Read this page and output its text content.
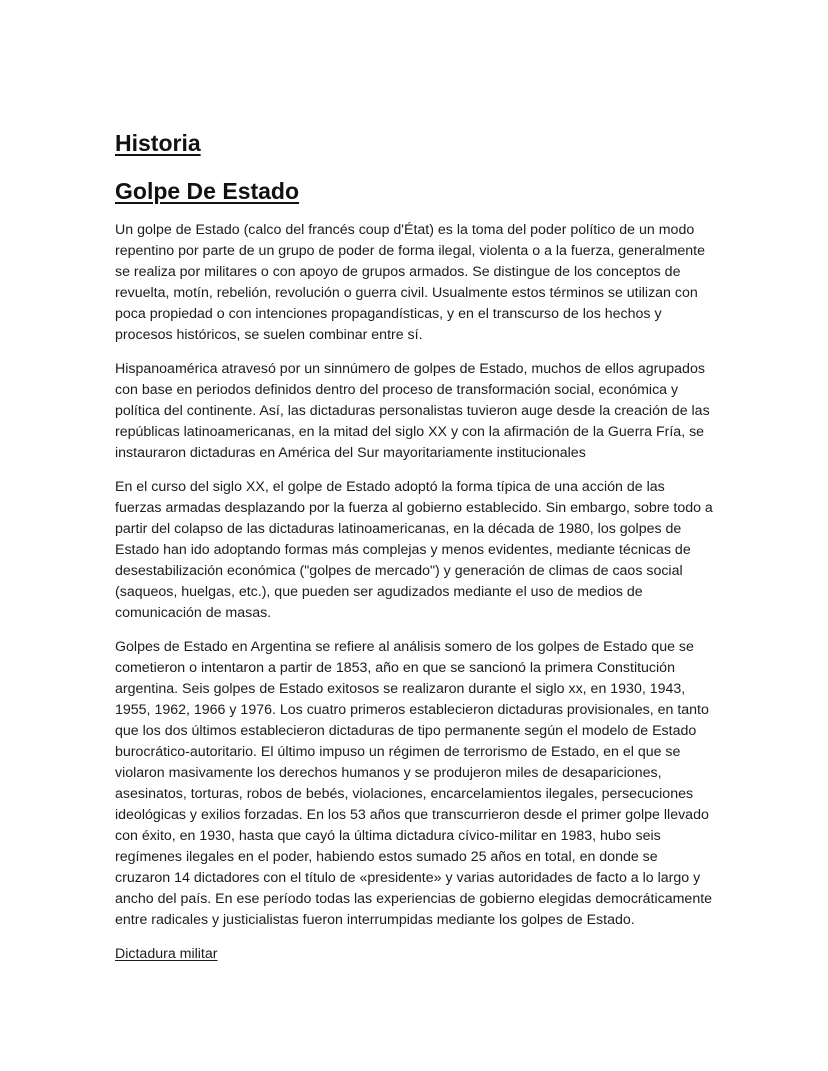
Historia
Golpe De Estado

Un golpe de Estado (calco del francés coup d'État) es la toma del poder político de un modo repentino por parte de un grupo de poder de forma ilegal, violenta o a la fuerza, generalmente se realiza por militares o con apoyo de grupos armados. Se distingue de los conceptos de revuelta, motín, rebelión, revolución o guerra civil. Usualmente estos términos se utilizan con poca propiedad o con intenciones propagandísticas, y en el transcurso de los hechos y procesos históricos, se suelen combinar entre sí.

Hispanoamérica atravesó por un sinnúmero de golpes de Estado, muchos de ellos agrupados con base en periodos definidos dentro del proceso de transformación social, económica y política del continente. Así, las dictaduras personalistas tuvieron auge desde la creación de las repúblicas latinoamericanas, en la mitad del siglo XX y con la afirmación de la Guerra Fría, se instauraron dictaduras en América del Sur mayoritariamente institucionales

En el curso del siglo XX, el golpe de Estado adoptó la forma típica de una acción de las fuerzas armadas desplazando por la fuerza al gobierno establecido. Sin embargo, sobre todo a partir del colapso de las dictaduras latinoamericanas, en la década de 1980, los golpes de Estado han ido adoptando formas más complejas y menos evidentes, mediante técnicas de desestabilización económica ("golpes de mercado") y generación de climas de caos social (saqueos, huelgas, etc.), que pueden ser agudizados mediante el uso de medios de comunicación de masas.

Golpes de Estado en Argentina se refiere al análisis somero de los golpes de Estado que se cometieron o intentaron a partir de 1853, año en que se sancionó la primera Constitución argentina. Seis golpes de Estado exitosos se realizaron durante el siglo xx, en 1930, 1943, 1955, 1962, 1966 y 1976. Los cuatro primeros establecieron dictaduras provisionales, en tanto que los dos últimos establecieron dictaduras de tipo permanente según el modelo de Estado burocrático-autoritario. El último impuso un régimen de terrorismo de Estado, en el que se violaron masivamente los derechos humanos y se produjeron miles de desapariciones, asesinatos, torturas, robos de bebés, violaciones, encarcelamientos ilegales, persecuciones ideológicas y exilios forzadas. En los 53 años que transcurrieron desde el primer golpe llevado con éxito, en 1930, hasta que cayó la última dictadura cívico-militar en 1983, hubo seis regímenes ilegales en el poder, habiendo estos sumado 25 años en total, en donde se cruzaron 14 dictadores con el título de «presidente» y varias autoridades de facto a lo largo y ancho del país. En ese período todas las experiencias de gobierno elegidas democráticamente entre radicales y justicialistas fueron interrumpidas mediante los golpes de Estado.

Dictadura militar
